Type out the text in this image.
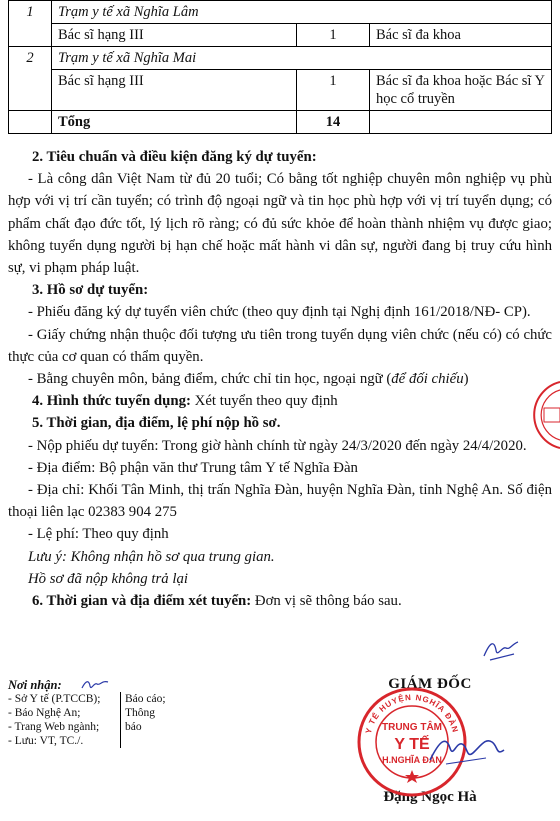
1	Trạm y tế xã Nghĩa Lâm		
	Bác sĩ hạng III	1	Bác sĩ đa khoa
2	Trạm y tế xã Nghĩa Mai		
	Bác sĩ hạng III	1	Bác sĩ đa khoa hoặc Bác sĩ Y học cổ truyền
	Tổng	14	

2. Tiêu chuẩn và điều kiện đăng ký dự tuyển:

- Là công dân Việt Nam từ đủ 20 tuổi; Có bằng tốt nghiệp chuyên môn nghiệp vụ phù hợp với vị trí cần tuyển; có trình độ ngoại ngữ và tin học phù hợp với vị trí tuyển dụng; có phẩm chất đạo đức tốt, lý lịch rõ ràng; có đủ sức khỏe để hoàn thành nhiệm vụ được giao; không tuyển dụng người bị hạn chế hoặc mất hành vi dân sự, người đang bị truy cứu hình sự, vi phạm pháp luật.

3. Hồ sơ dự tuyển:

- Phiếu đăng ký dự tuyển viên chức (theo quy định tại Nghị định 161/2018/NĐ- CP).

- Giấy chứng nhận thuộc đối tượng ưu tiên trong tuyển dụng viên chức (nếu có) có chức thực của cơ quan có thẩm quyền.

- Bằng chuyên môn, bảng điểm, chức chỉ tin học, ngoại ngữ (để đối chiếu)

4. Hình thức tuyển dụng: Xét tuyển theo quy định

5. Thời gian, địa điểm, lệ phí nộp hồ sơ.

- Nộp phiếu dự tuyển: Trong giờ hành chính từ ngày 24/3/2020 đến ngày 24/4/2020.

- Địa điểm: Bộ phận văn thư Trung tâm Y tế Nghĩa Đàn

- Địa chỉ: Khối Tân Minh, thị trấn Nghĩa Đàn, huyện Nghĩa Đàn, tỉnh Nghệ An. Số điện thoại liên lạc 02383 904 275

- Lệ phí: Theo quy định

Lưu ý: Không nhận hồ sơ qua trung gian.

Hồ sơ đã nộp không trả lại

6. Thời gian và địa điểm xét tuyển: Đơn vị sẽ thông báo sau.

Nơi nhận:
- Sở Y tế (P.TCCB);
- Báo Nghệ An;
- Trang Web ngành;
- Lưu: VT, TC./.
Báo cáo;
Thông
báo
GIÁM ĐỐC
Đặng Ngọc Hà
Y TẾ HUYỆN NGHĨA ĐÀN
TRUNG TÂM
Y TẾ
H.NGHĨA ĐÀN
